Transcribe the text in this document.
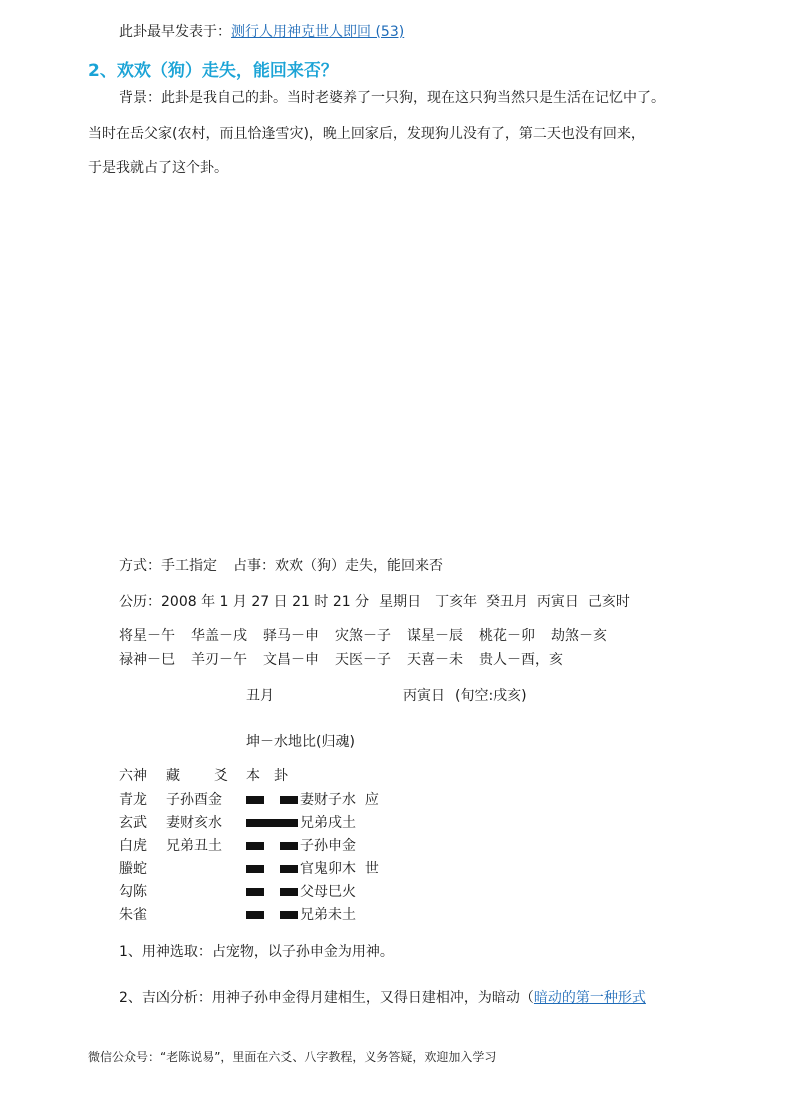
此卦最早发表于：测行人用神克世人即回 (53)
2、欢欢（狗）走失，能回来否？
背景：此卦是我自己的卦。当时老婆养了一只狗，现在这只狗当然只是生活在记忆中了。
当时在岳父家(农村，而且恰逢雪灾)，晚上回家后，发现狗儿没有了，第二天也没有回来，
于是我就占了这个卦。
方式：手工指定 占事：欢欢（狗）走失，能回来否
公历：2008 年 1 月 27 日 21 时 21 分 星期日 丁亥年  癸丑月  丙寅日  己亥时
将星－午 华盖－戌 驿马－申 灾煞－子 谋星－辰 桃花－卯 劫煞－亥
禄神－巳 羊刃－午 文昌－申 天医－子 天喜－未 贵人－酉，亥
丑月	丙寅日 (旬空:戌亥)
坤－水地比(归魂)
六神 藏 爻 本 卦
青龙 子孙酉金	妻财子水 应
玄武 妻财亥水	兄弟戌土
白虎 兄弟丑土	子孙申金
螣蛇	官鬼卯木 世
勾陈	父母巳火
朱雀	兄弟未土
1、用神选取：占宠物，以子孙申金为用神。
2、吉凶分析：用神子孙申金得月建相生，又得日建相冲，为暗动（暗动的第一种形式
微信公众号：“老陈说易”，里面在六爻、八字教程，义务答疑，欢迎加入学习
